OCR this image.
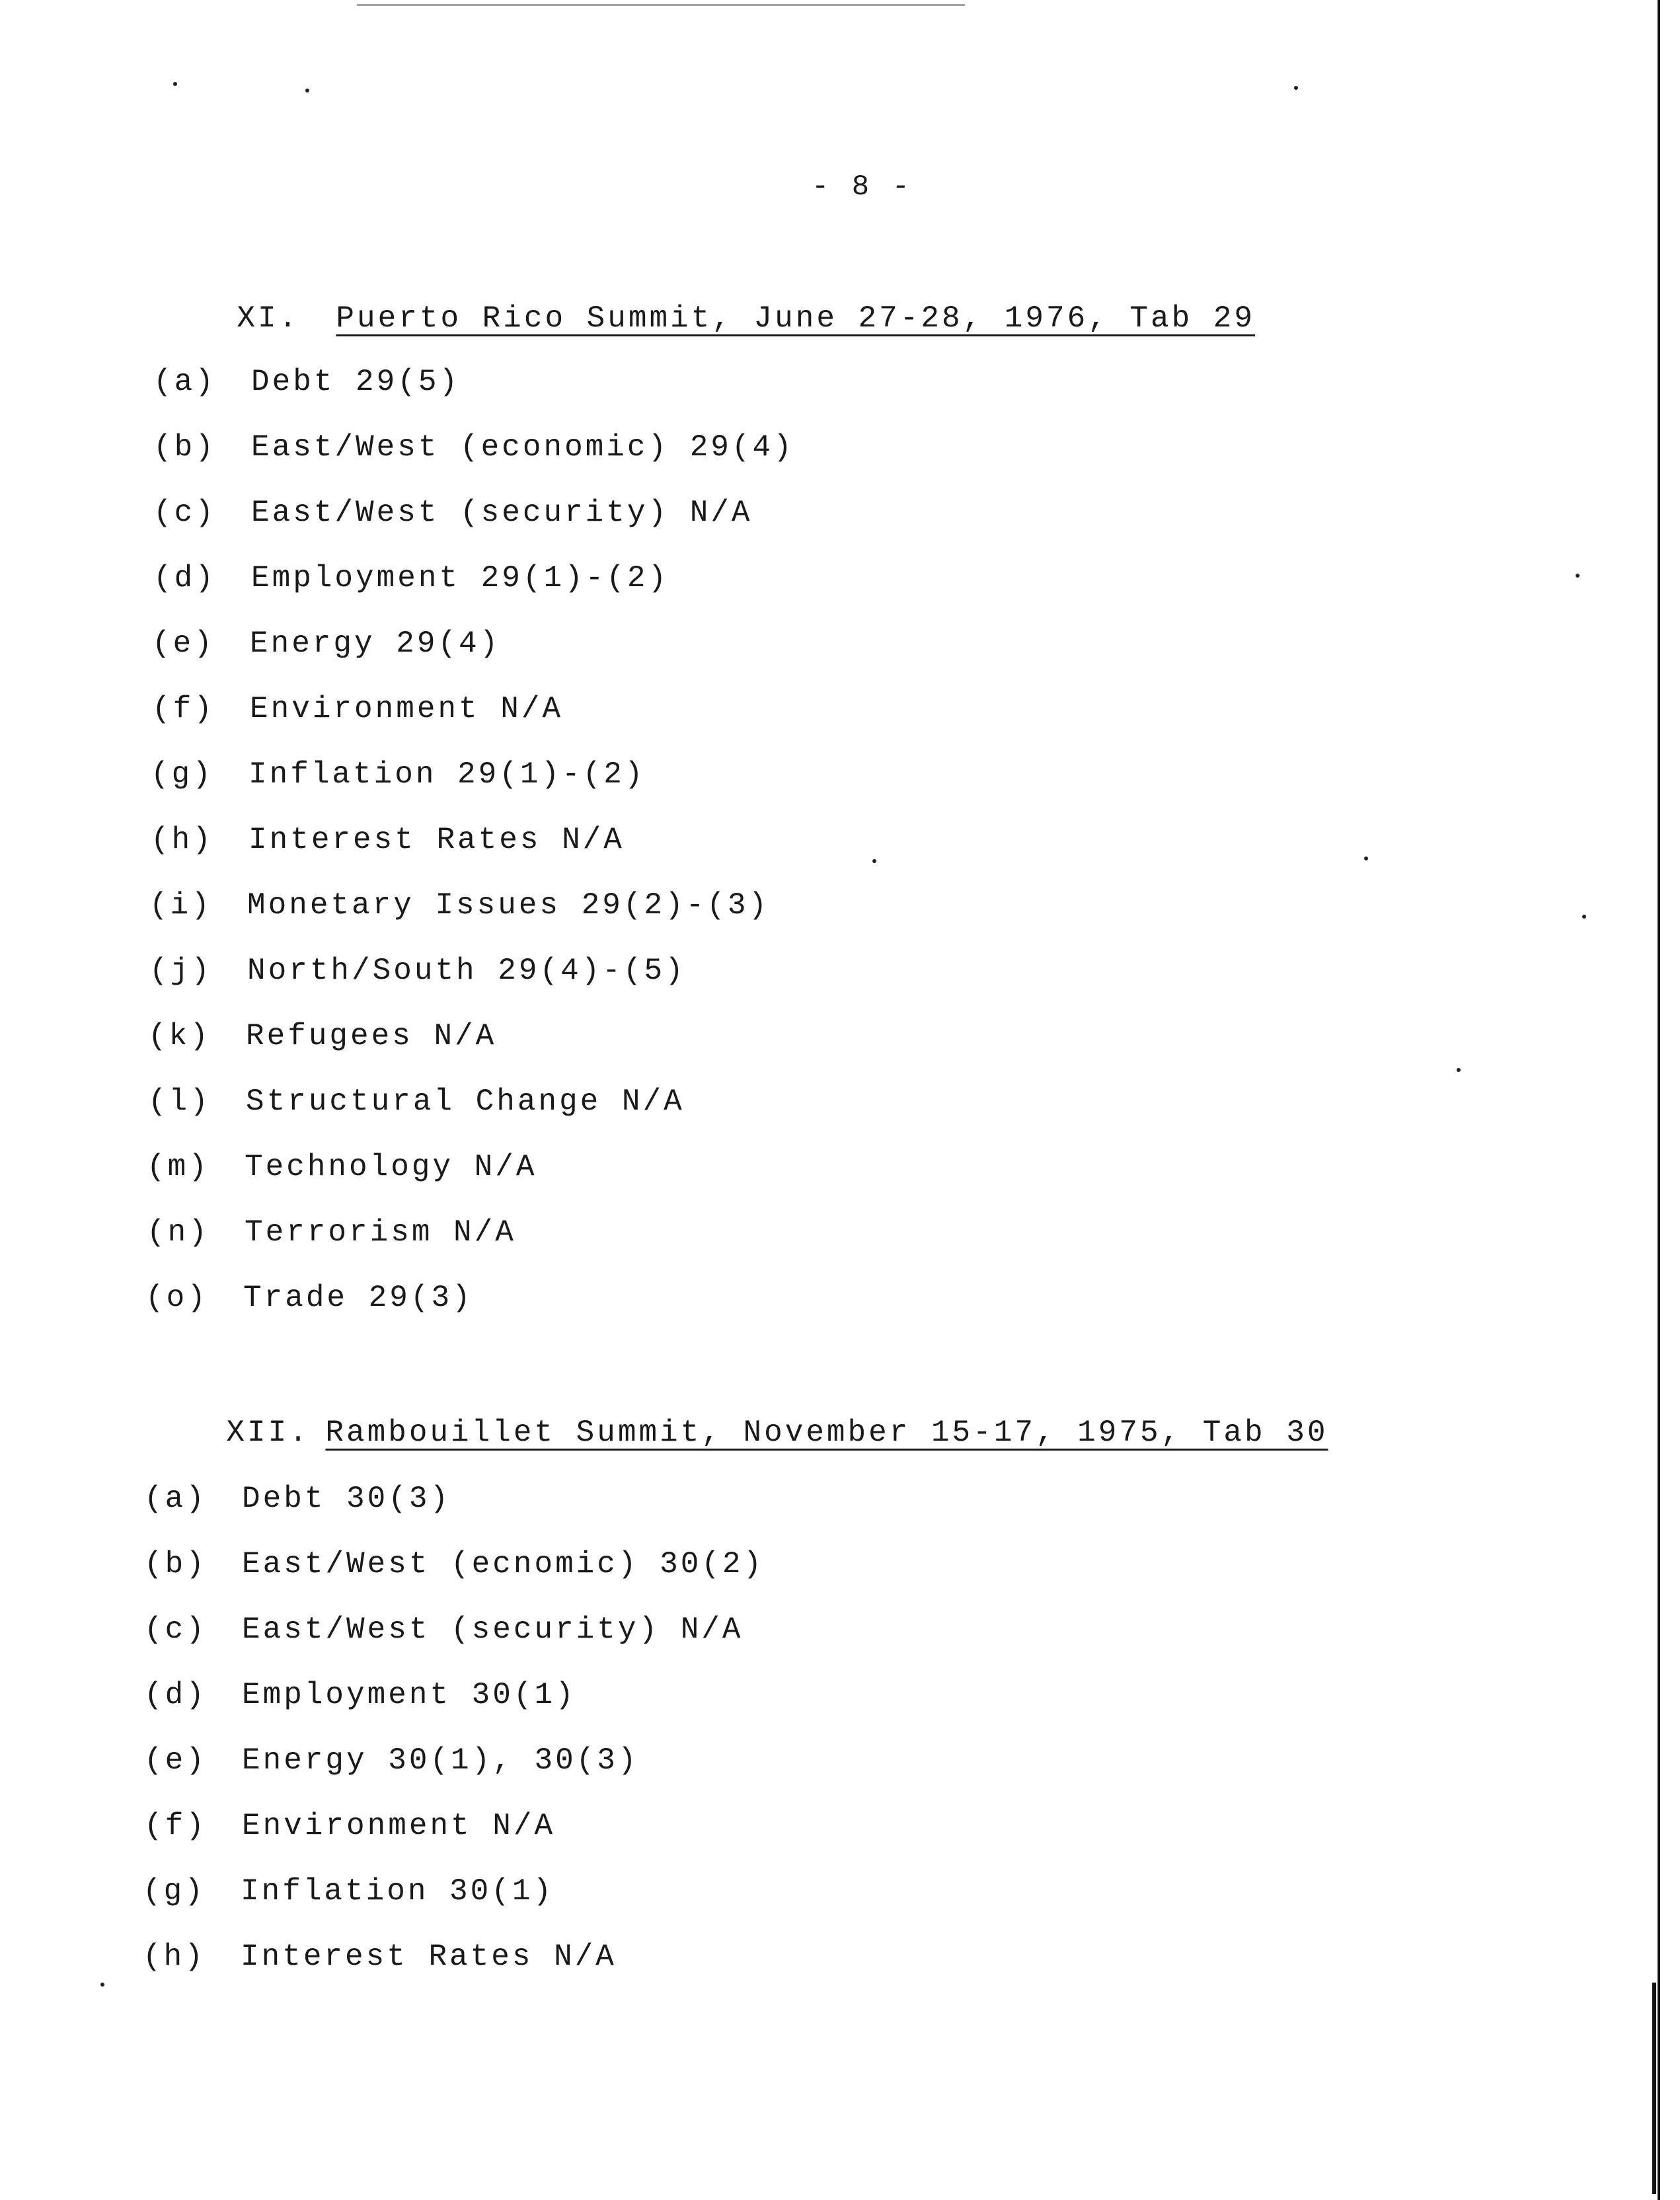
- 8 -

XI. Puerto Rico Summit, June 27-28, 1976, Tab 29

(a) Debt 29(5)
(b) East/West (economic) 29(4)
(c) East/West (security) N/A
(d) Employment 29(1)-(2)
(e) Energy 29(4)
(f) Environment N/A
(g) Inflation 29(1)-(2)
(h) Interest Rates N/A
(i) Monetary Issues 29(2)-(3)
(j) North/South 29(4)-(5)
(k) Refugees N/A
(l) Structural Change N/A
(m) Technology N/A
(n) Terrorism N/A
(o) Trade 29(3)

XII. Rambouillet Summit, November 15-17, 1975, Tab 30

(a) Debt 30(3)
(b) East/West (ecnomic) 30(2)
(c) East/West (security) N/A
(d) Employment 30(1)
(e) Energy 30(1), 30(3)
(f) Environment N/A
(g) Inflation 30(1)
(h) Interest Rates N/A
